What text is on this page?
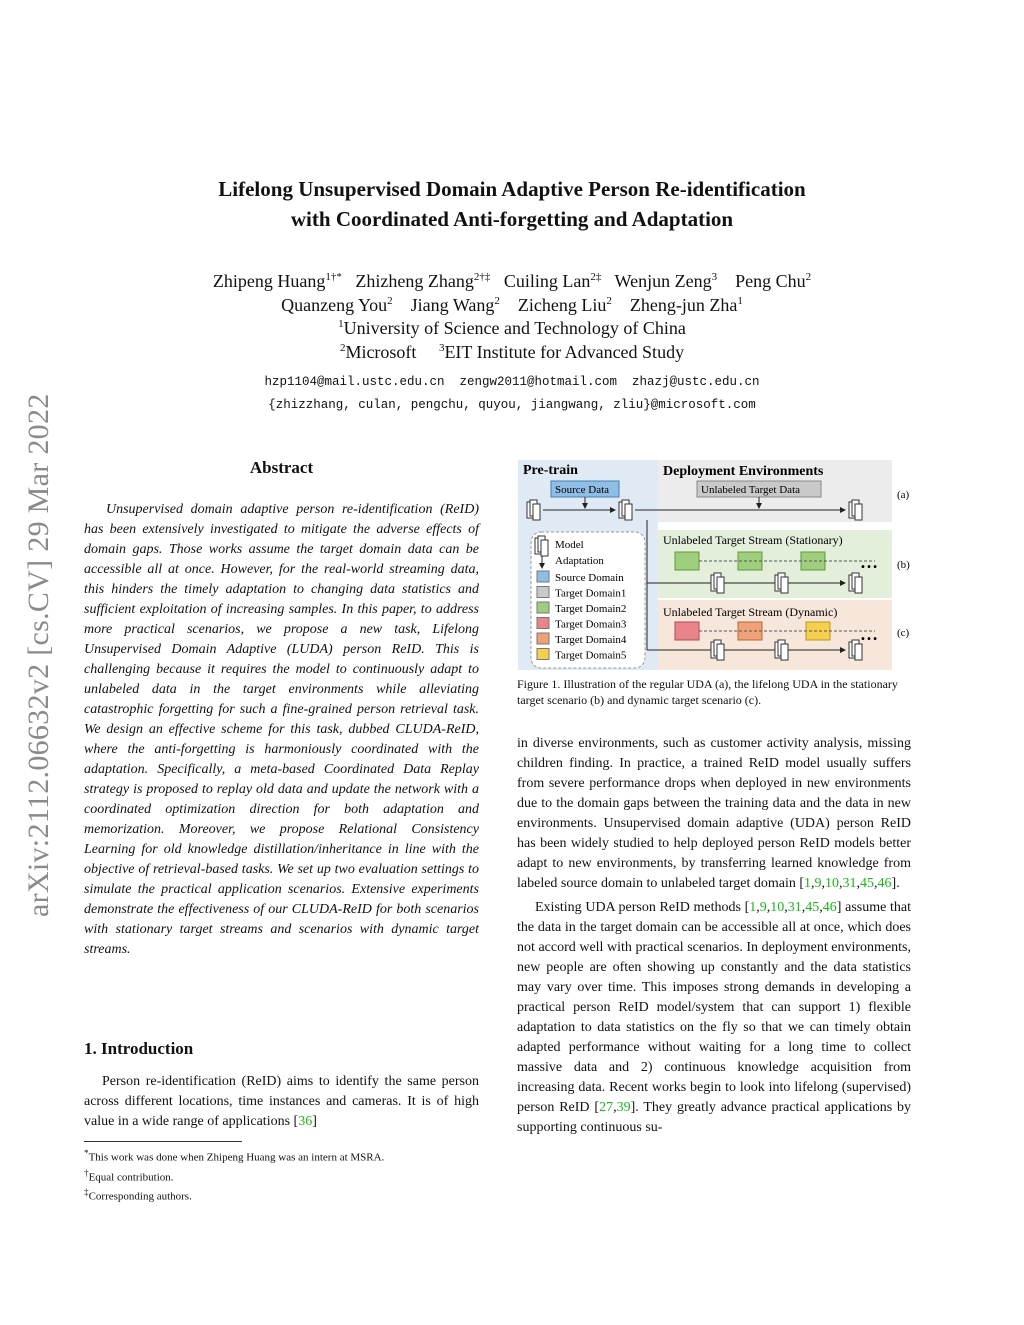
arXiv:2112.06632v2 [cs.CV] 29 Mar 2022
Lifelong Unsupervised Domain Adaptive Person Re-identification
with Coordinated Anti-forgetting and Adaptation
Zhipeng Huang$^{1\dagger*}$ Zhizheng Zhang$^{2\dagger\ddagger}$ Cuiling Lan$^{2\ddagger}$ Wenjun Zeng$^3$ Peng Chu$^2$
Quanzeng You$^2$ Jiang Wang$^2$ Zicheng Liu$^2$ Zheng-jun Zha$^1$
$^1$University of Science and Technology of China
$^2$Microsoft $^3$EIT Institute for Advanced Study
hzp1104@mail.ustc.edu.cn  zengw2011@hotmail.com  zhazj@ustc.edu.cn
{zhizzhang, culan, pengchu, quyou, jiangwang, zliu}@microsoft.com
Abstract

Unsupervised domain adaptive person re-identification (ReID) has been extensively investigated to mitigate the adverse effects of domain gaps. Those works assume the target domain data can be accessible all at once. However, for the real-world streaming data, this hinders the timely adaptation to changing data statistics and sufficient exploitation of increasing samples. In this paper, to address more practical scenarios, we propose a new task, Lifelong Unsupervised Domain Adaptive (LUDA) person ReID. This is challenging because it requires the model to continuously adapt to unlabeled data in the target environments while alleviating catastrophic forgetting for such a fine-grained person retrieval task. We design an effective scheme for this task, dubbed CLUDA-ReID, where the anti-forgetting is harmoniously coordinated with the adaptation. Specifically, a meta-based Coordinated Data Replay strategy is proposed to replay old data and update the network with a coordinated optimization direction for both adaptation and memorization. Moreover, we propose Relational Consistency Learning for old knowledge distillation/inheritance in line with the objective of retrieval-based tasks. We set up two evaluation settings to simulate the practical application scenarios. Extensive experiments demonstrate the effectiveness of our CLUDA-ReID for both scenarios with stationary target streams and scenarios with dynamic target streams.

1. Introduction

Person re-identification (ReID) aims to identify the same person across different locations, time instances and cameras. It is of high value in a wide range of applications [36]

*This work was done when Zhipeng Huang was an intern at MSRA.
†Equal contribution.
‡Corresponding authors.
Pre-train	Deployment Environments
Source Data	Unlabeled Target Data	(a)
Unlabeled Target Stream (Stationary)
… (b)
Unlabeled Target Stream (Dynamic)
… (c)
Model
Adaptation
Source Domain
Target Domain1
Target Domain2
Target Domain3
Target Domain4
Target Domain5
Figure 1. Illustration of the regular UDA (a), the lifelong UDA in the stationary target scenario (b) and dynamic target scenario (c).

in diverse environments, such as customer activity analysis, missing children finding. In practice, a trained ReID model usually suffers from severe performance drops when deployed in new environments due to the domain gaps between the training data and the data in new environments. Unsupervised domain adaptive (UDA) person ReID has been widely studied to help deployed person ReID models better adapt to new environments, by transferring learned knowledge from labeled source domain to unlabeled target domain [1,9,10,31,45,46].

Existing UDA person ReID methods [1,9,10,31,45,46] assume that the data in the target domain can be accessible all at once, which does not accord well with practical scenarios. In deployment environments, new people are often showing up constantly and the data statistics may vary over time. This imposes strong demands in developing a practical person ReID model/system that can support 1) flexible adaptation to data statistics on the fly so that we can timely obtain adapted performance without waiting for a long time to collect massive data and 2) continuous knowledge acquisition from increasing data. Recent works begin to look into lifelong (supervised) person ReID [27,39]. They greatly advance practical applications by supporting continuous su-
